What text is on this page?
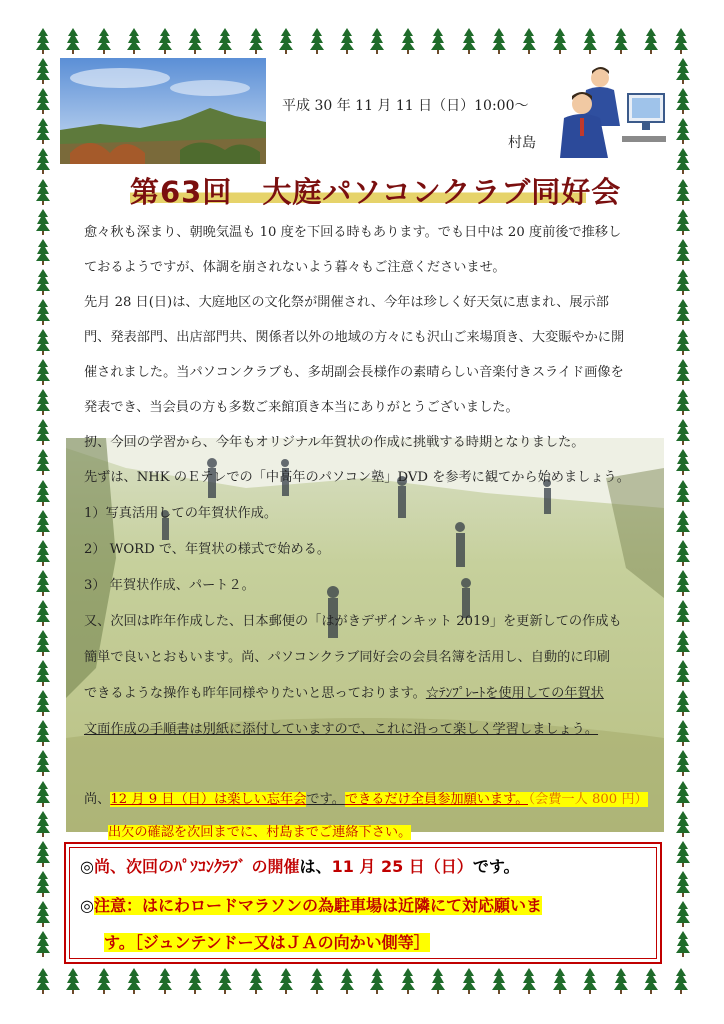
平成 30 年 11 月 11 日（日）10:00〜
村島
第63回　大庭パソコンクラブ同好会
愈々秋も深まり、朝晩気温も 10 度を下回る時もあります。でも日中は 20 度前後で推移し
ておるようですが、体調を崩されないよう暮々もご注意くださいませ。
先月 28 日(日)は、大庭地区の文化祭が開催され、今年は珍しく好天気に恵まれ、展示部
門、発表部門、出店部門共、関係者以外の地域の方々にも沢山ご来場頂き、大変賑やかに開
催されました。当パソコンクラブも、多胡副会長様作の素晴らしい音楽付きスライド画像を
発表でき、当会員の方も多数ご来館頂き本当にありがとうございました。
扨、今回の学習から、今年もオリジナル年賀状の作成に挑戦する時期となりました。
先ずは、NHK のＥテレでの「中高年のパソコン塾」DVD を参考に観てから始めましょう。
1）写真活用しての年賀状作成。
2） WORD で、年賀状の様式で始める。
3） 年賀状作成、パート２。
又、次回は昨年作成した、日本郵便の「はがきデザインキット 2019」を更新しての作成も
簡単で良いとおもいます。尚、パソコンクラブ同好会の会員名簿を活用し、自動的に印刷
できるような操作も昨年同様やりたいと思っております。☆ﾃﾝﾌﾟﾚｰﾄを使用しての年賀状
文面作成の手順書は別紙に添付していますので、これに沿って楽しく学習しましょう。
尚、12 月 9 日（日）は楽しい忘年会です。できるだけ全員参加願います。（会費一人 800 円）
出欠の確認を次回までに、村島までご連絡下さい。
◎尚、次回のﾊﾟｿｺﾝｸﾗﾌﾞ の開催は、11 月 25 日（日）です。
◎注意：はにわロードマラソンの為駐車場は近隣にて対応願いま
す。［ジュンテンドー又はＪＡの向かい側等］
